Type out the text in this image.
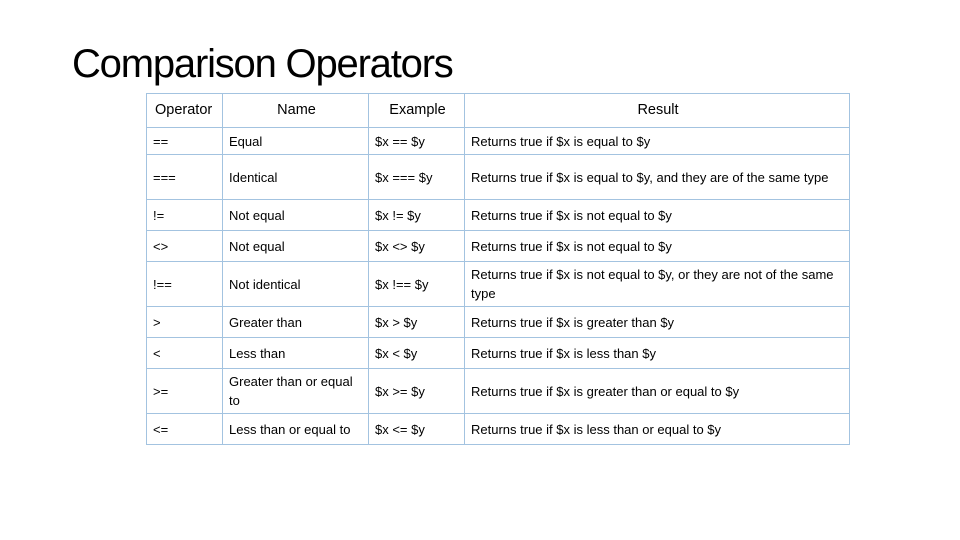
Comparison Operators
Operator	Name	Example	Result
==	Equal	$x == $y	Returns true if $x is equal to $y
===	Identical	$x === $y	Returns true if $x is equal to $y, and they are of the same type
!=	Not equal	$x != $y	Returns true if $x is not equal to $y
<>	Not equal	$x <> $y	Returns true if $x is not equal to $y
!==	Not identical	$x !== $y	Returns true if $x is not equal to $y, or they are not of the same type
>	Greater than	$x > $y	Returns true if $x is greater than $y
<	Less than	$x < $y	Returns true if $x is less than $y
>=	Greater than or equal to	$x >= $y	Returns true if $x is greater than or equal to $y
<=	Less than or equal to	$x <= $y	Returns true if $x is less than or equal to $y
